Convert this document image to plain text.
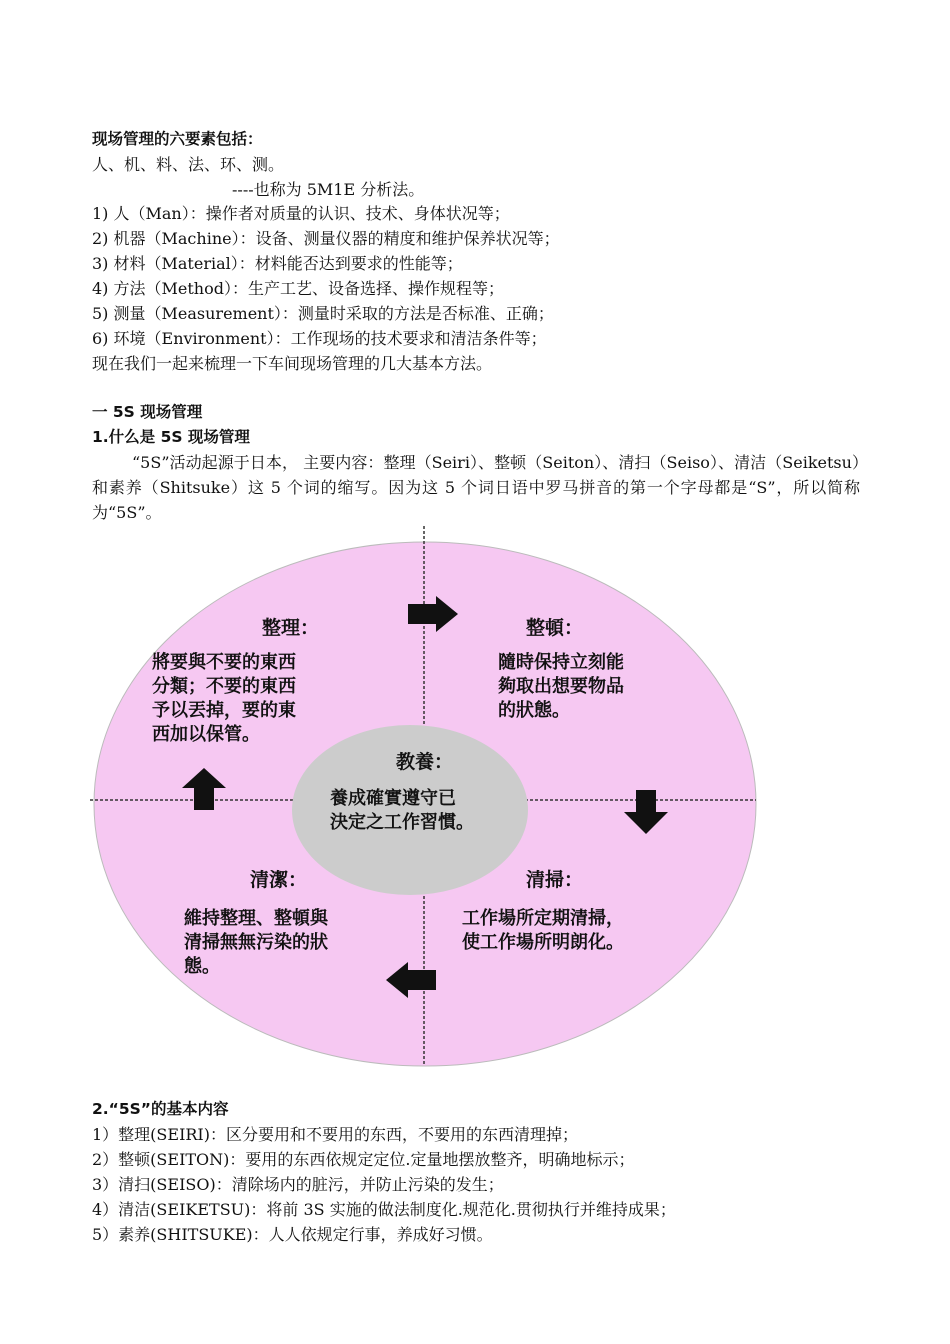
现场管理的六要素包括：
人、机、料、法、环、测。
----也称为 5M1E 分析法。
1) 人（Man）：操作者对质量的认识、技术、身体状况等；
2) 机器（Machine）：设备、测量仪器的精度和维护保养状况等；
3) 材料（Material）：材料能否达到要求的性能等；
4) 方法（Method）：生产工艺、设备选择、操作规程等；
5) 测量（Measurement）：测量时采取的方法是否标准、正确；
6) 环境（Environment）：工作现场的技术要求和清洁条件等；
现在我们一起来梳理一下车间现场管理的几大基本方法。
一 5S 现场管理
1.什么是 5S 现场管理
“5S”活动起源于日本， 主要内容：整理（Seiri）、整顿（Seiton）、清扫（Seiso）、清洁（Seiketsu）和素养（Shitsuke）这 5 个词的缩写。因为这 5 个词日语中罗马拼音的第一个字母都是“S”，所以简称为“5S”。
整理：
將要與不要的東西
分類；不要的東西
予以丟掉，要的東
西加以保管。
整頓：
隨時保持立刻能
夠取出想要物品
的狀態。
教養：
養成確實遵守已
決定之工作習慣。
清潔：
維持整理、整頓與
清掃無無污染的狀
態。
清掃：
工作場所定期清掃，
使工作場所明朗化。
2.“5S”的基本内容
1）整理(SEIRI)：区分要用和不要用的东西，不要用的东西清理掉；
2）整顿(SEITON)：要用的东西依规定定位.定量地摆放整齐，明确地标示；
3）清扫(SEISO)：清除场内的脏污，并防止污染的发生；
4）清洁(SEIKETSU)：将前 3S 实施的做法制度化.规范化.贯彻执行并维持成果；
5）素养(SHITSUKE)：人人依规定行事，养成好习惯。
